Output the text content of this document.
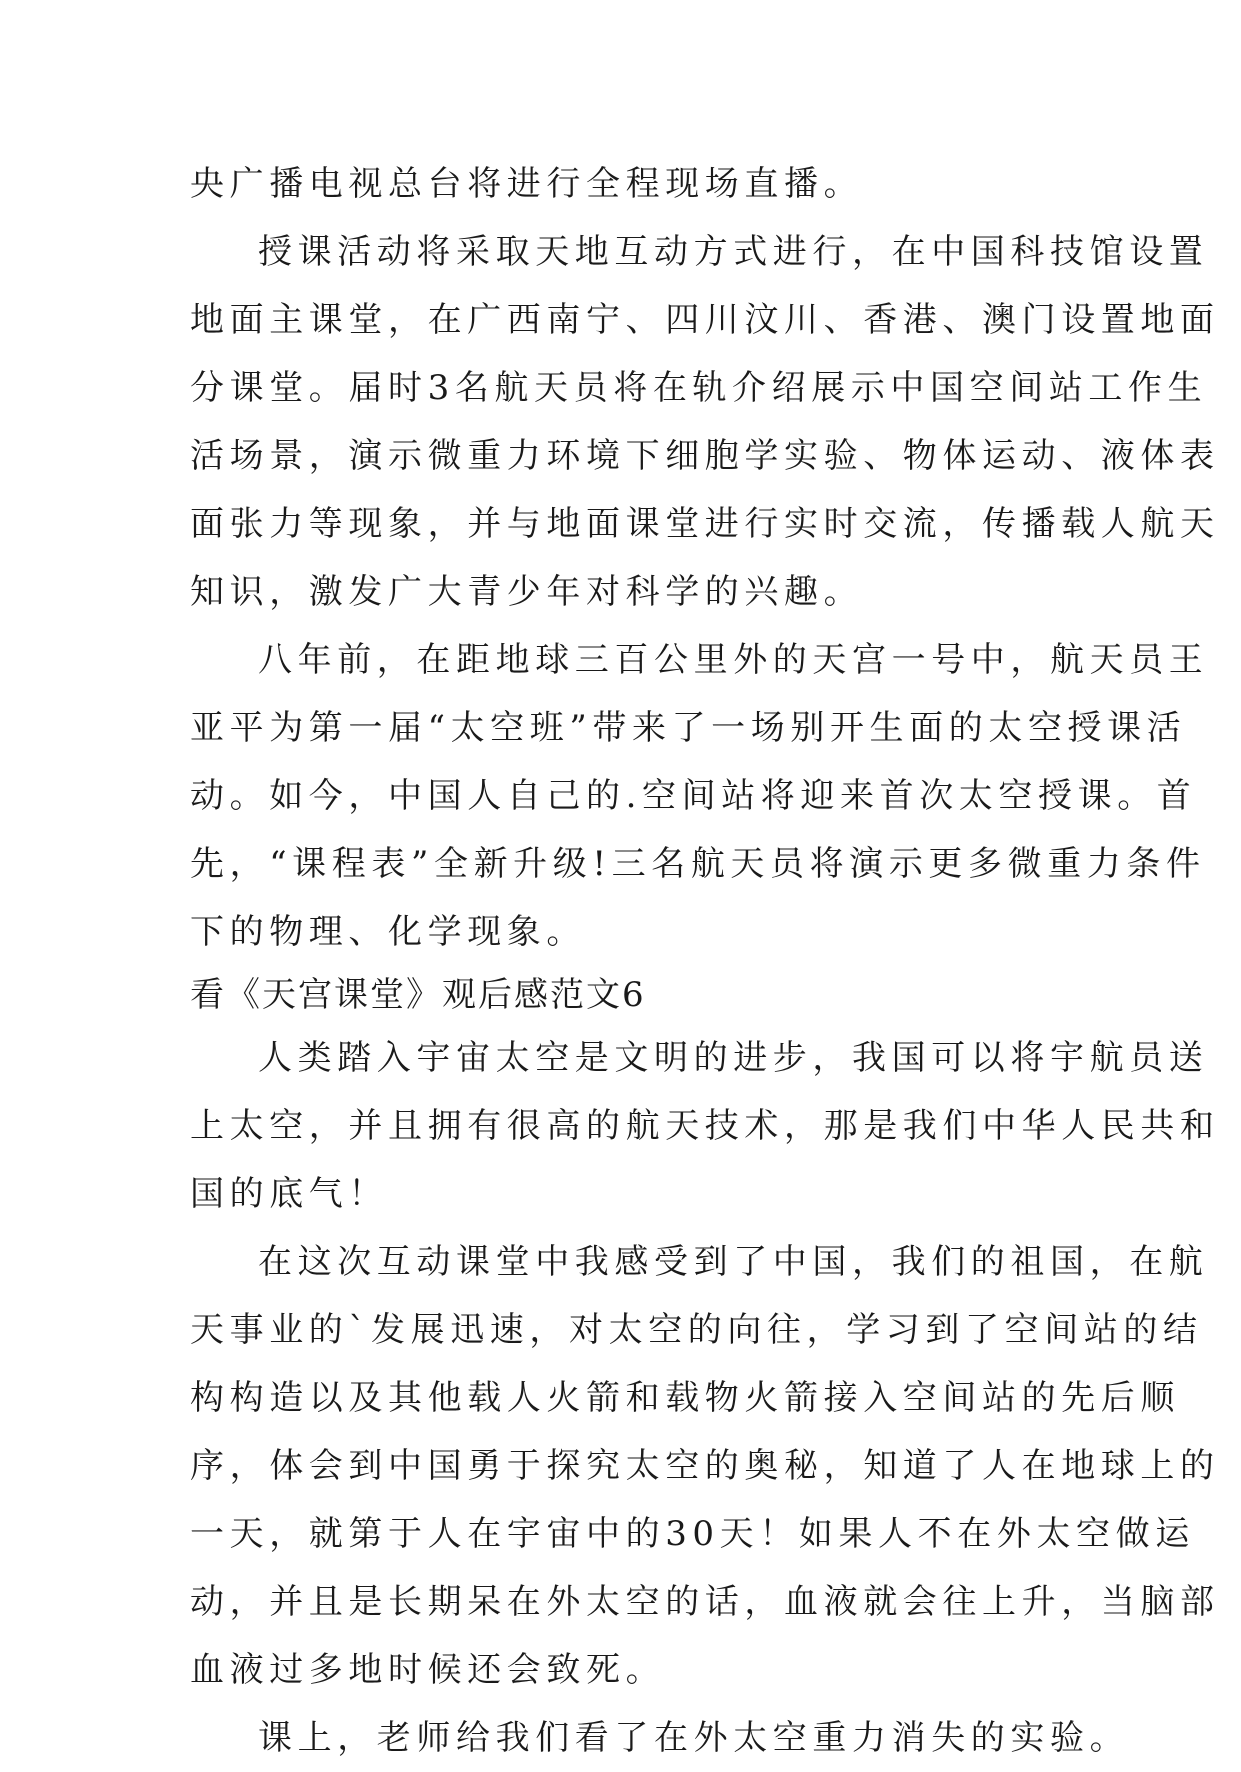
央广播电视总台将进行全程现场直播。
授课活动将采取天地互动方式进行，在中国科技馆设置
地面主课堂，在广西南宁、四川汶川、香港、澳门设置地面
分课堂。届时3名航天员将在轨介绍展示中国空间站工作生
活场景，演示微重力环境下细胞学实验、物体运动、液体表
面张力等现象，并与地面课堂进行实时交流，传播载人航天
知识，激发广大青少年对科学的兴趣。
八年前，在距地球三百公里外的天宫一号中，航天员王
亚平为第一届“太空班”带来了一场别开生面的太空授课活
动。如今，中国人自己的.空间站将迎来首次太空授课。首
先，“课程表”全新升级!三名航天员将演示更多微重力条件
下的物理、化学现象。
看《天宫课堂》观后感范文6
人类踏入宇宙太空是文明的进步，我国可以将宇航员送
上太空，并且拥有很高的航天技术，那是我们中华人民共和
国的底气！
在这次互动课堂中我感受到了中国，我们的祖国，在航
天事业的`发展迅速，对太空的向往，学习到了空间站的结
构构造以及其他载人火箭和载物火箭接入空间站的先后顺
序，体会到中国勇于探究太空的奥秘，知道了人在地球上的
一天，就第于人在宇宙中的30天！如果人不在外太空做运
动，并且是长期呆在外太空的话，血液就会往上升，当脑部
血液过多地时候还会致死。
课上，老师给我们看了在外太空重力消失的实验。
